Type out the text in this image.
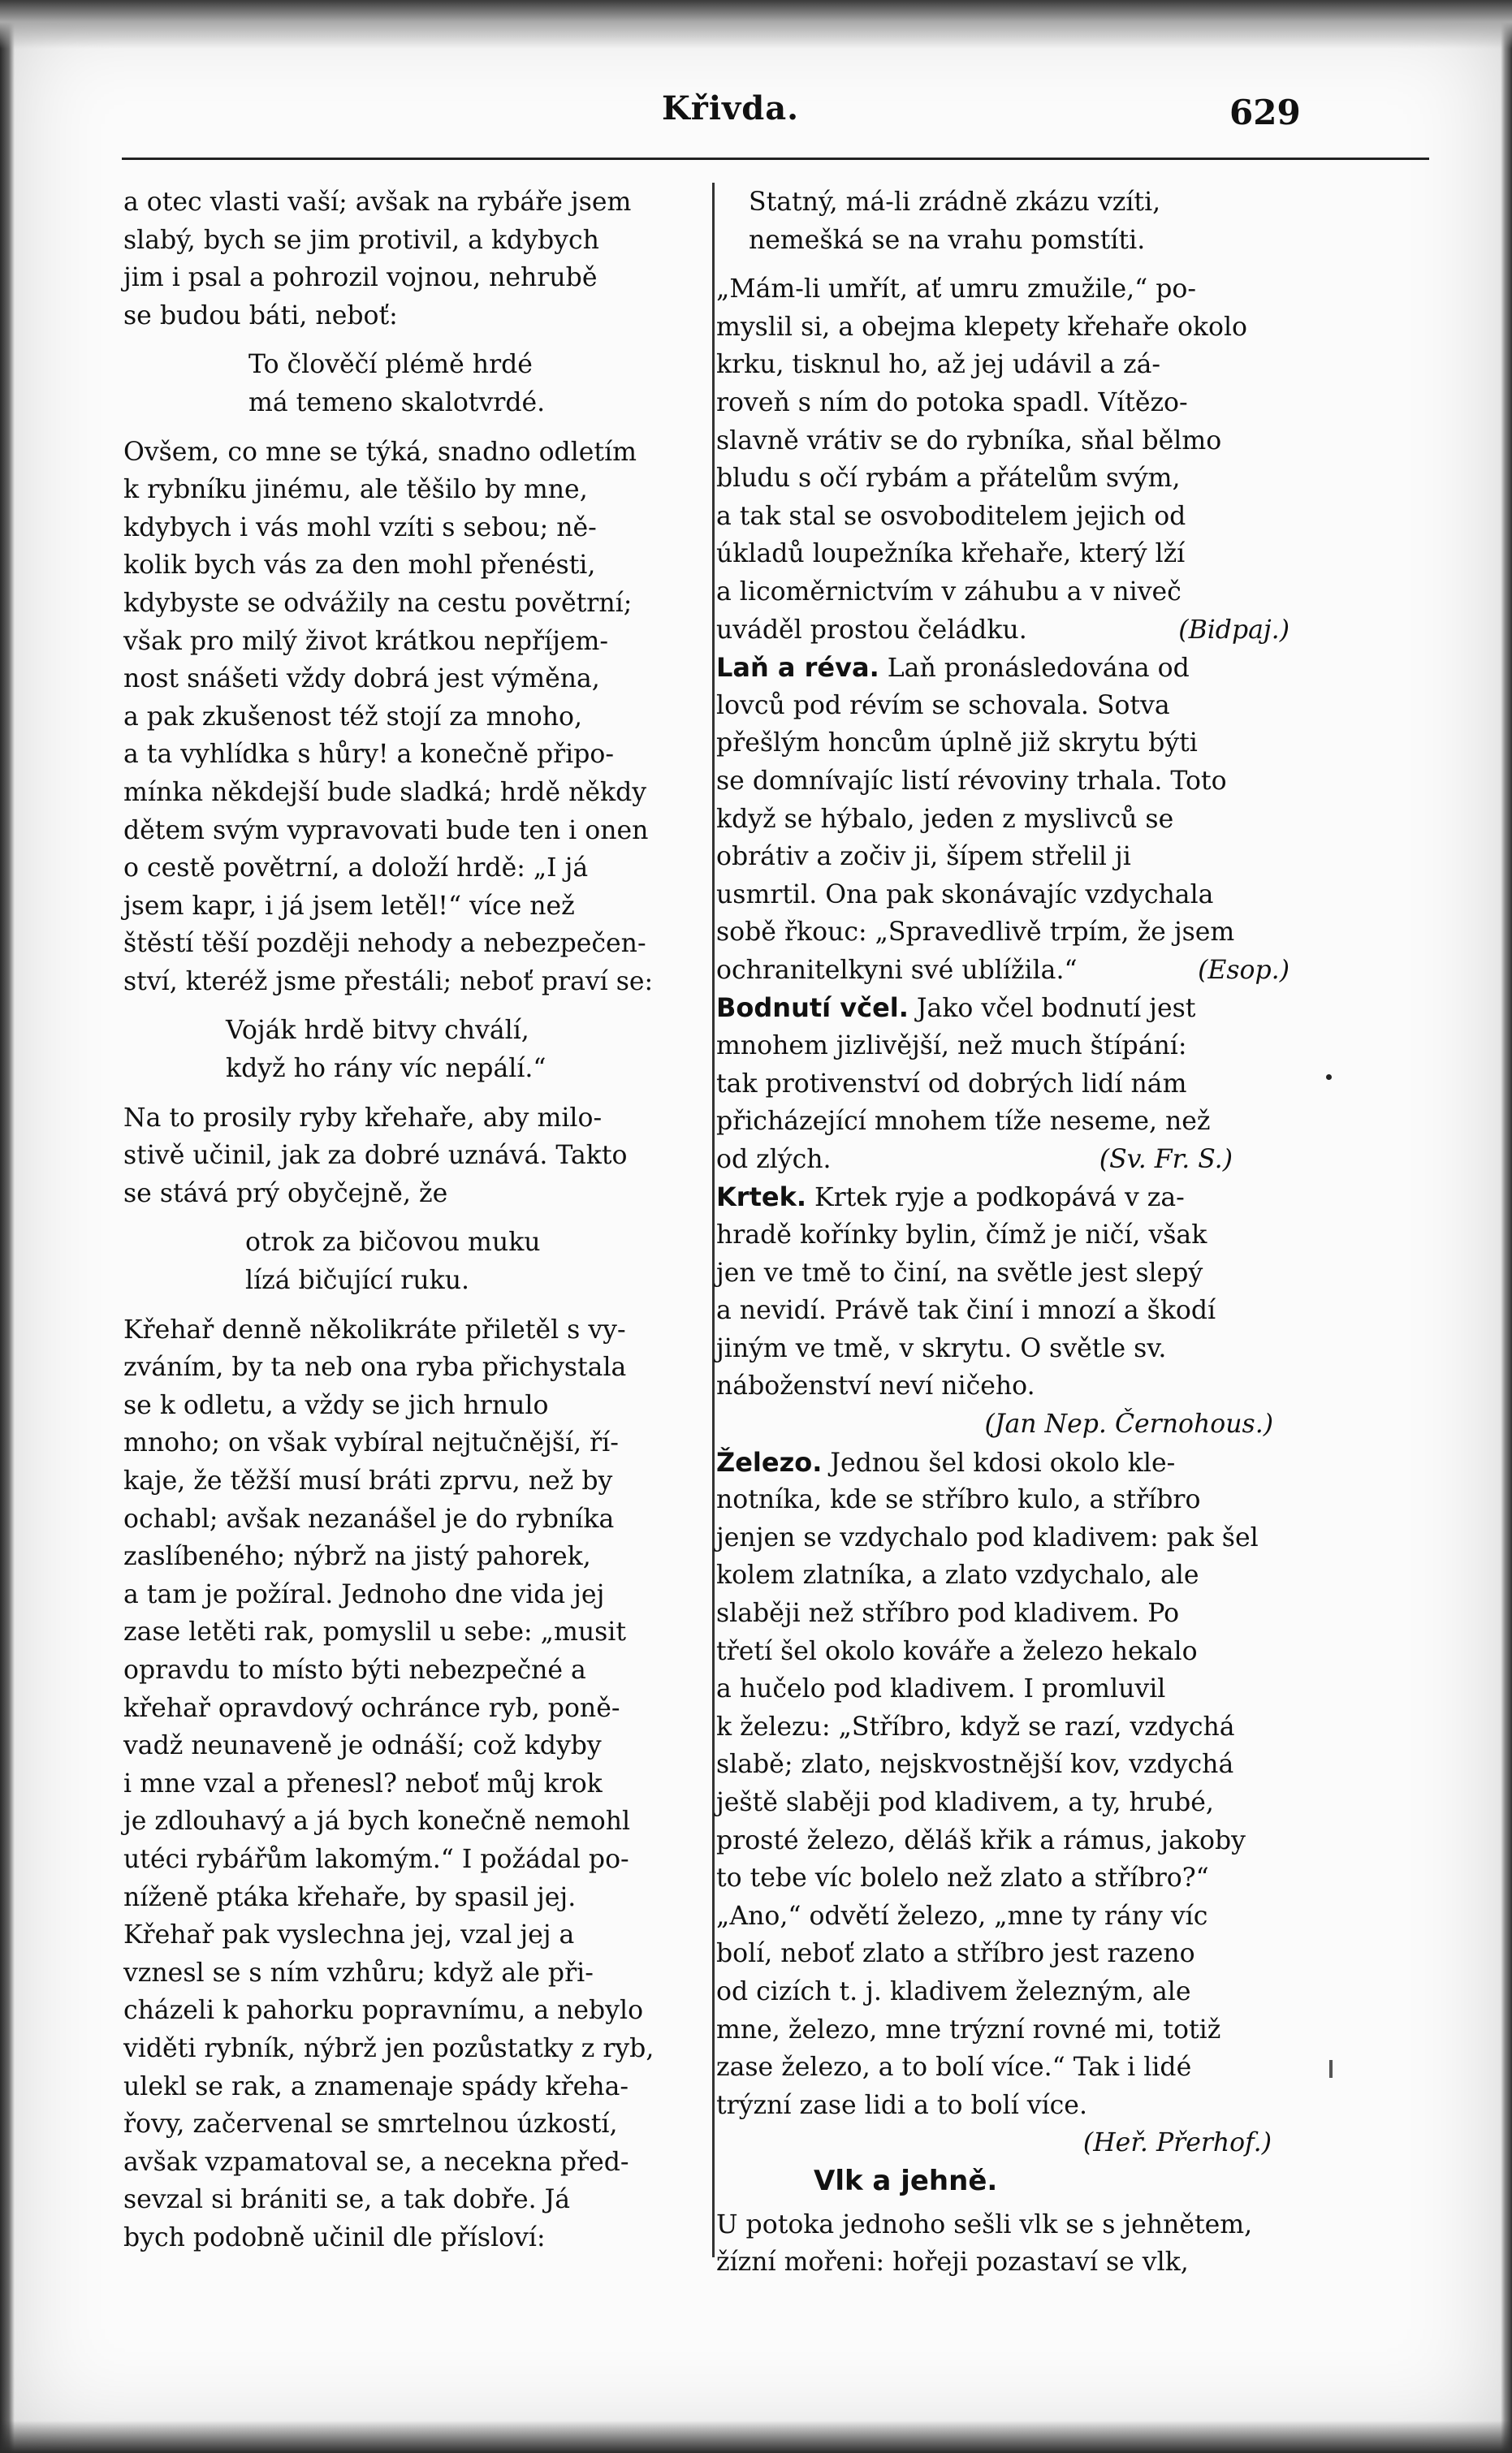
Křivda.	629
a otec vlasti vaší; avšak na rybáře jsem
slabý, bych se jim protivil, a kdybych
jim i psal a pohrozil vojnou, nehrubě
se budou báti, neboť:
To člověčí plémě hrdé
má temeno skalotvrdé.
Ovšem, co mne se týká, snadno odletím
k rybníku jinému, ale těšilo by mne,
kdybych i vás mohl vzíti s sebou; ně-
kolik bych vás za den mohl přenésti,
kdybyste se odvážily na cestu povětrní;
však pro milý život krátkou nepříjem-
nost snášeti vždy dobrá jest výměna,
a pak zkušenost též stojí za mnoho,
a ta vyhlídka s hůry! a konečně připo-
mínka někdejší bude sladká; hrdě někdy
dětem svým vypravovati bude ten i onen
o cestě povětrní, a doloží hrdě: „I já
jsem kapr, i já jsem letěl!“ více než
štěstí těší později nehody a nebezpečen-
ství, kteréž jsme přestáli; neboť praví se:
Voják hrdě bitvy chválí,
když ho rány víc nepálí.“
Na to prosily ryby křehaře, aby milo-
stivě učinil, jak za dobré uznává. Takto
se stává prý obyčejně, že
otrok za bičovou muku
lízá bičující ruku.
Křehař denně několikráte přiletěl s vy-
zváním, by ta neb ona ryba přichystala
se k odletu, a vždy se jich hrnulo
mnoho; on však vybíral nejtučnější, ří-
kaje, že těžší musí bráti zprvu, než by
ochabl; avšak nezanášel je do rybníka
zaslíbeného; nýbrž na jistý pahorek,
a tam je požíral. Jednoho dne vida jej
zase letěti rak, pomyslil u sebe: „musit
opravdu to místo býti nebezpečné a
křehař opravdový ochránce ryb, poně-
vadž neunaveně je odnáší; což kdyby
i mne vzal a přenesl? neboť můj krok
je zdlouhavý a já bych konečně nemohl
utéci rybářům lakomým.“ I požádal po-
níženě ptáka křehaře, by spasil jej.
Křehař pak vyslechna jej, vzal jej a
vznesl se s ním vzhůru; když ale při-
cházeli k pahorku popravnímu, a nebylo
viděti rybník, nýbrž jen pozůstatky z ryb,
ulekl se rak, a znamenaje spády křeha-
řovy, začervenal se smrtelnou úzkostí,
avšak vzpamatoval se, a necekna před-
sevzal si brániti se, a tak dobře. Já
bych podobně učinil dle přísloví:
Statný, má-li zrádně zkázu vzíti,
nemešká se na vrahu pomstíti.
„Mám-li umřít, ať umru zmužile,“ po-
myslil si, a obejma klepety křehaře okolo
krku, tisknul ho, až jej udávil a zá-
roveň s ním do potoka spadl. Vítězo-
slavně vrátiv se do rybníka, sňal bělmo
bludu s očí rybám a přátelům svým,
a tak stal se osvoboditelem jejich od
úkladů loupežníka křehaře, který lží
a licoměrnictvím v záhubu a v niveč
uváděl prostou čeládku.	(Bidpaj.)
Laň a réva. Laň pronásledována od
lovců pod révím se schovala. Sotva
přešlým honcům úplně již skrytu býti
se domnívajíc listí révoviny trhala. Toto
když se hýbalo, jeden z myslivců se
obrátiv a zočiv ji, šípem střelil ji
usmrtil. Ona pak skonávajíc vzdychala
sobě řkouc: „Spravedlivě trpím, že jsem
ochranitelkyni své ublížila.“	(Esop.)
Bodnutí včel. Jako včel bodnutí jest
mnohem jizlivější, než much štípání:
tak protivenství od dobrých lidí nám
přicházející mnohem tíže neseme, než
od zlých.	(Sv. Fr. S.)
Krtek. Krtek ryje a podkopává v za-
hradě kořínky bylin, čímž je ničí, však
jen ve tmě to činí, na světle jest slepý
a nevidí. Právě tak činí i mnozí a škodí
jiným ve tmě, v skrytu. O světle sv.
náboženství neví ničeho.
(Jan Nep. Černohous.)
Železo. Jednou šel kdosi okolo kle-
notníka, kde se stříbro kulo, a stříbro
jenjen se vzdychalo pod kladivem: pak šel
kolem zlatníka, a zlato vzdychalo, ale
slaběji než stříbro pod kladivem. Po
třetí šel okolo kováře a železo hekalo
a hučelo pod kladivem. I promluvil
k železu: „Stříbro, když se razí, vzdychá
slabě; zlato, nejskvostnější kov, vzdychá
ještě slaběji pod kladivem, a ty, hrubé,
prosté železo, děláš křik a rámus, jakoby
to tebe víc bolelo než zlato a stříbro?“
„Ano,“ odvětí železo, „mne ty rány víc
bolí, neboť zlato a stříbro jest razeno
od cizích t. j. kladivem železným, ale
mne, železo, mne trýzní rovné mi, totiž
zase železo, a to bolí více.“ Tak i lidé
trýzní zase lidi a to bolí více.
(Heř. Přerhof.)
Vlk a jehně.
U potoka jednoho sešli vlk se s jehnětem,
žízní mořeni: hořeji pozastaví se vlk,
